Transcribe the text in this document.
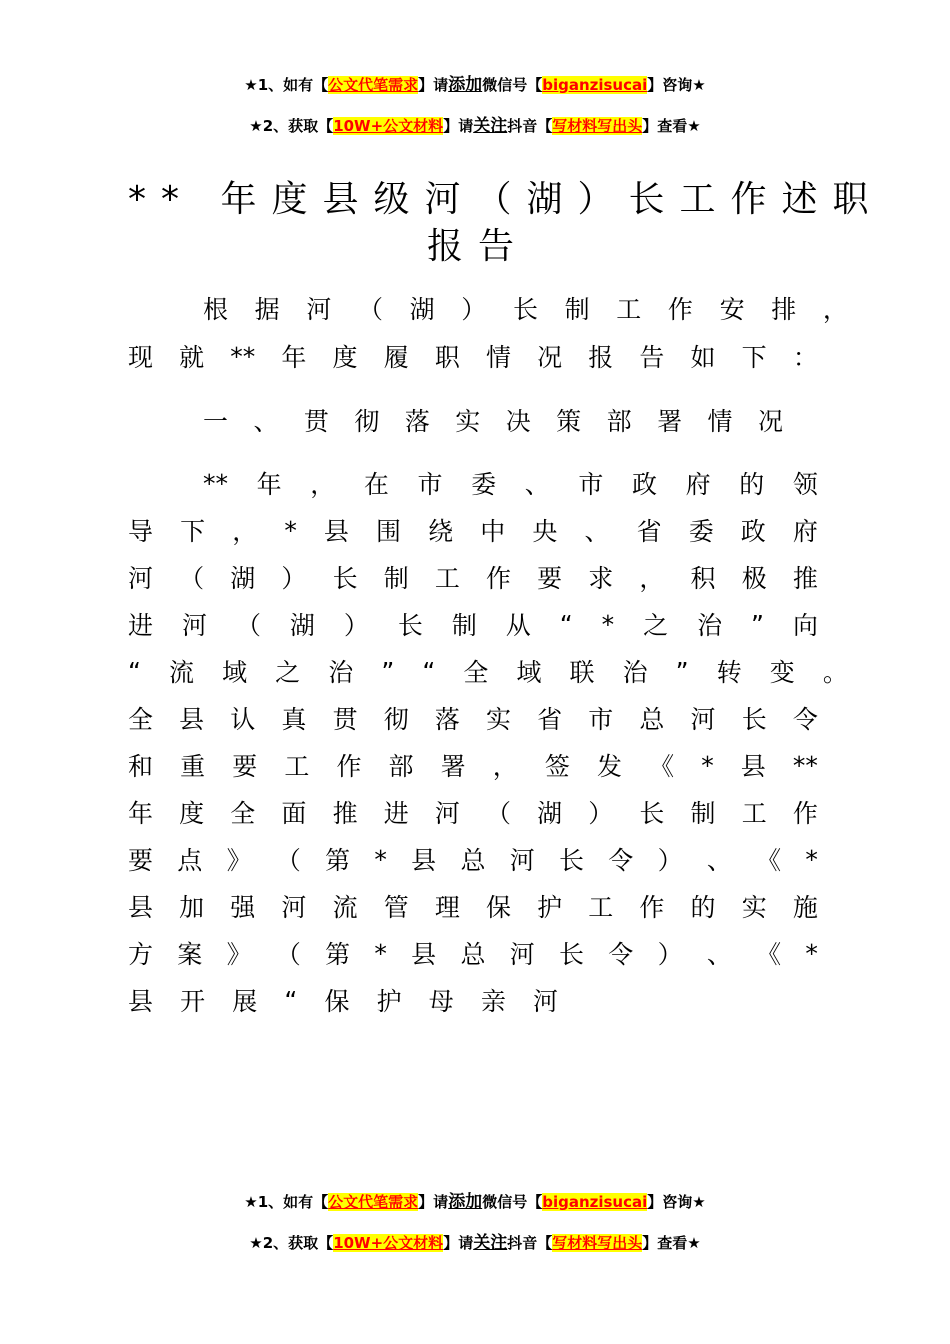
★1、如有【公文代笔需求】请添加微信号【biganzisucai】咨询★
★2、获取【10W+公文材料】请关注抖音【写材料写出头】查看★
** 年度县级河（湖）长工作述职
报告
根 据 河 （ 湖 ） 长 制 工 作 安 排 ，
现 就 ** 年 度 履 职 情 况 报 告 如 下 ：
一 、 贯 彻 落 实 决 策 部 署 情 况
** 年 ， 在 市 委 、 市 政 府 的 领
导 下 ， * 县 围 绕 中 央 、 省 委 政 府
河 （ 湖 ） 长 制 工 作 要 求 ， 积 极 推
进 河 （ 湖 ） 长 制 从 “ * 之 治 ” 向
“ 流 域 之 治 ” “ 全 域 联 治 ” 转 变 。
全 县 认 真 贯 彻 落 实 省 市 总 河 长 令
和 重 要 工 作 部 署 ， 签 发 《 * 县 **
年 度 全 面 推 进 河 （ 湖 ） 长 制 工 作
要 点 》 （ 第 * 县 总 河 长 令 ） 、 《 *
县 加 强 河 流 管 理 保 护 工 作 的 实 施
方 案 》 （ 第 * 县 总 河 长 令 ） 、 《 *
县 开 展 “ 保 护 母 亲 河
★1、如有【公文代笔需求】请添加微信号【biganzisucai】咨询★
★2、获取【10W+公文材料】请关注抖音【写材料写出头】查看★
